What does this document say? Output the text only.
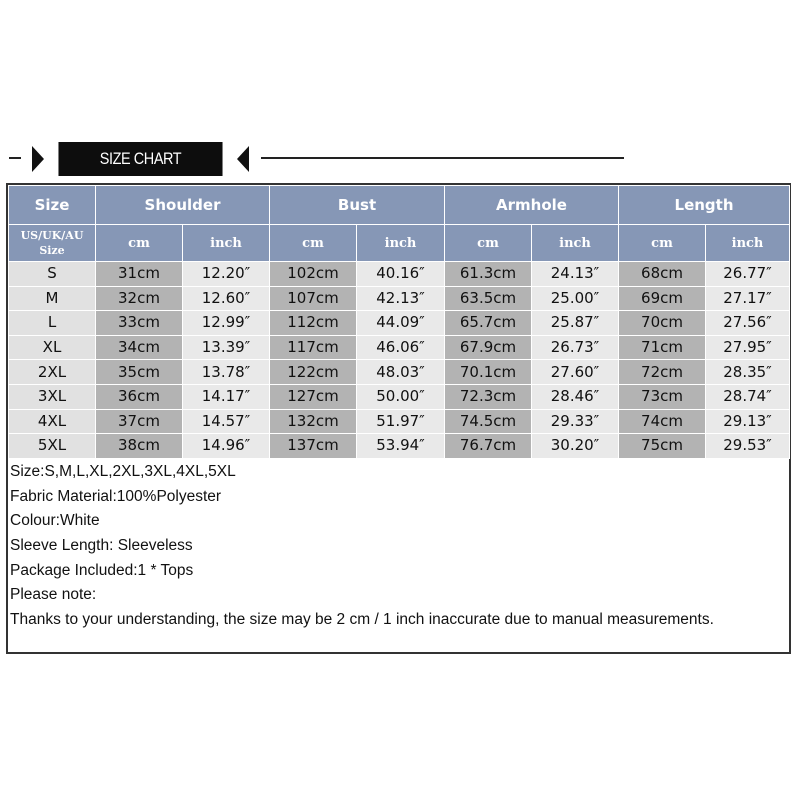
SIZE CHART
Size	Shoulder		Bust		Armhole		Length	

US/UK/AU
Size	cm	inch	cm	inch	cm	inch	cm	inch
S	31cm	12.20″	102cm	40.16″	61.3cm	24.13″	68cm	26.77″
M	32cm	12.60″	107cm	42.13″	63.5cm	25.00″	69cm	27.17″
L	33cm	12.99″	112cm	44.09″	65.7cm	25.87″	70cm	27.56″
XL	34cm	13.39″	117cm	46.06″	67.9cm	26.73″	71cm	27.95″
2XL	35cm	13.78″	122cm	48.03″	70.1cm	27.60″	72cm	28.35″
3XL	36cm	14.17″	127cm	50.00″	72.3cm	28.46″	73cm	28.74″
4XL	37cm	14.57″	132cm	51.97″	74.5cm	29.33″	74cm	29.13″
5XL	38cm	14.96″	137cm	53.94″	76.7cm	30.20″	75cm	29.53″
Size:S,M,L,XL,2XL,3XL,4XL,5XL
Fabric Material:100%Polyester
Colour:White
Sleeve Length: Sleeveless
Package Included:1 * Tops
Please note:
Thanks to your understanding, the size may be 2 cm / 1 inch inaccurate due to manual measurements.
